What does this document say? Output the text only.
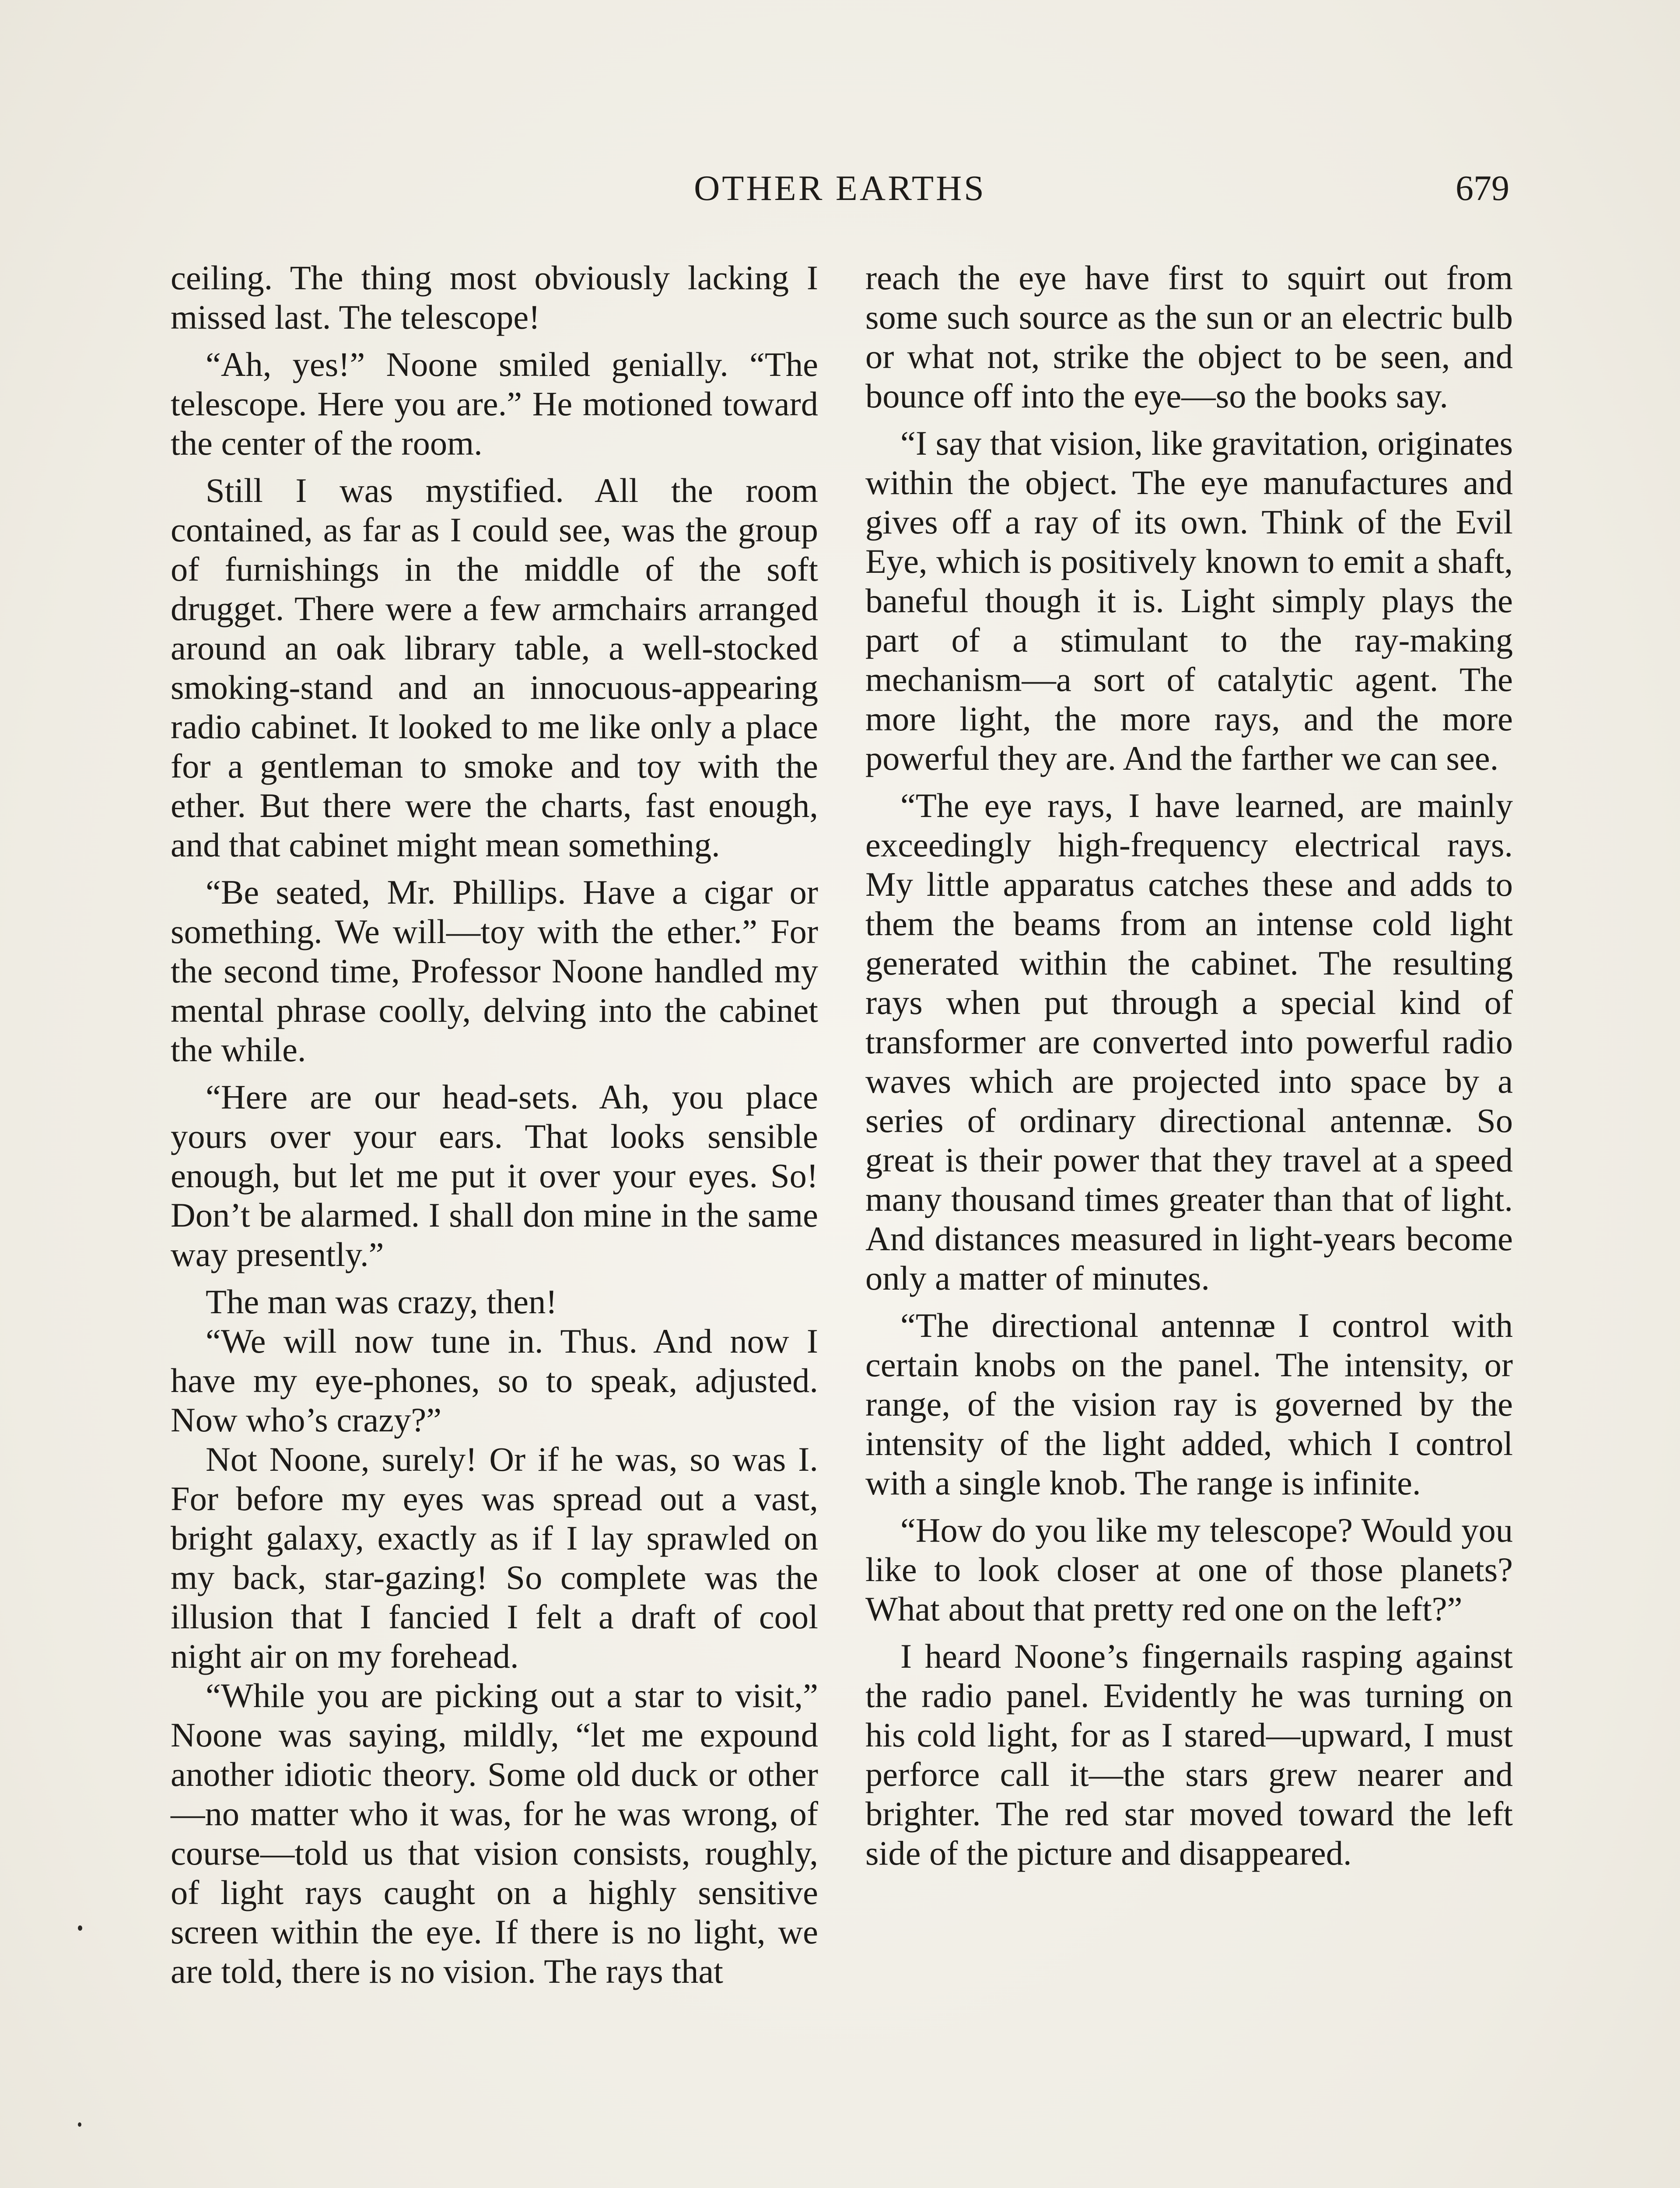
OTHER EARTHS	679

ceiling. The thing most obviously lacking I missed last. The telescope!

“Ah, yes!” Noone smiled genially. “The telescope. Here you are.” He motioned toward the center of the room.

Still I was mystified. All the room contained, as far as I could see, was the group of furnishings in the middle of the soft drugget. There were a few armchairs arranged around an oak library table, a well-stocked smoking-stand and an innocuous-appearing radio cabinet. It looked to me like only a place for a gentleman to smoke and toy with the ether. But there were the charts, fast enough, and that cabinet might mean something.

“Be seated, Mr. Phillips. Have a cigar or something. We will—toy with the ether.” For the second time, Professor Noone handled my mental phrase coolly, delving into the cabinet the while.

“Here are our head-sets. Ah, you place yours over your ears. That looks sensible enough, but let me put it over your eyes. So! Don’t be alarmed. I shall don mine in the same way presently.”

The man was crazy, then!

“We will now tune in. Thus. And now I have my eye-phones, so to speak, adjusted. Now who’s crazy?”

Not Noone, surely! Or if he was, so was I. For before my eyes was spread out a vast, bright galaxy, exactly as if I lay sprawled on my back, star-gazing! So complete was the illusion that I fancied I felt a draft of cool night air on my forehead.

“While you are picking out a star to visit,” Noone was saying, mildly, “let me expound another idiotic theory. Some old duck or other—no matter who it was, for he was wrong, of course—told us that vision consists, roughly, of light rays caught on a highly sensitive screen within the eye. If there is no light, we are told, there is no vision. The rays that

reach the eye have first to squirt out from some such source as the sun or an electric bulb or what not, strike the object to be seen, and bounce off into the eye—so the books say.

“I say that vision, like gravitation, originates within the object. The eye manufactures and gives off a ray of its own. Think of the Evil Eye, which is positively known to emit a shaft, baneful though it is. Light simply plays the part of a stimulant to the ray-making mechanism—a sort of catalytic agent. The more light, the more rays, and the more powerful they are. And the farther we can see.

“The eye rays, I have learned, are mainly exceedingly high-frequency electrical rays. My little apparatus catches these and adds to them the beams from an intense cold light generated within the cabinet. The resulting rays when put through a special kind of transformer are converted into powerful radio waves which are projected into space by a series of ordinary directional antennæ. So great is their power that they travel at a speed many thousand times greater than that of light. And distances measured in light-years become only a matter of minutes.

“The directional antennæ I control with certain knobs on the panel. The intensity, or range, of the vision ray is governed by the intensity of the light added, which I control with a single knob. The range is infinite.

“How do you like my telescope? Would you like to look closer at one of those planets? What about that pretty red one on the left?”

I heard Noone’s fingernails rasping against the radio panel. Evidently he was turning on his cold light, for as I stared—upward, I must perforce call it—the stars grew nearer and brighter. The red star moved toward the left side of the picture and disappeared.
